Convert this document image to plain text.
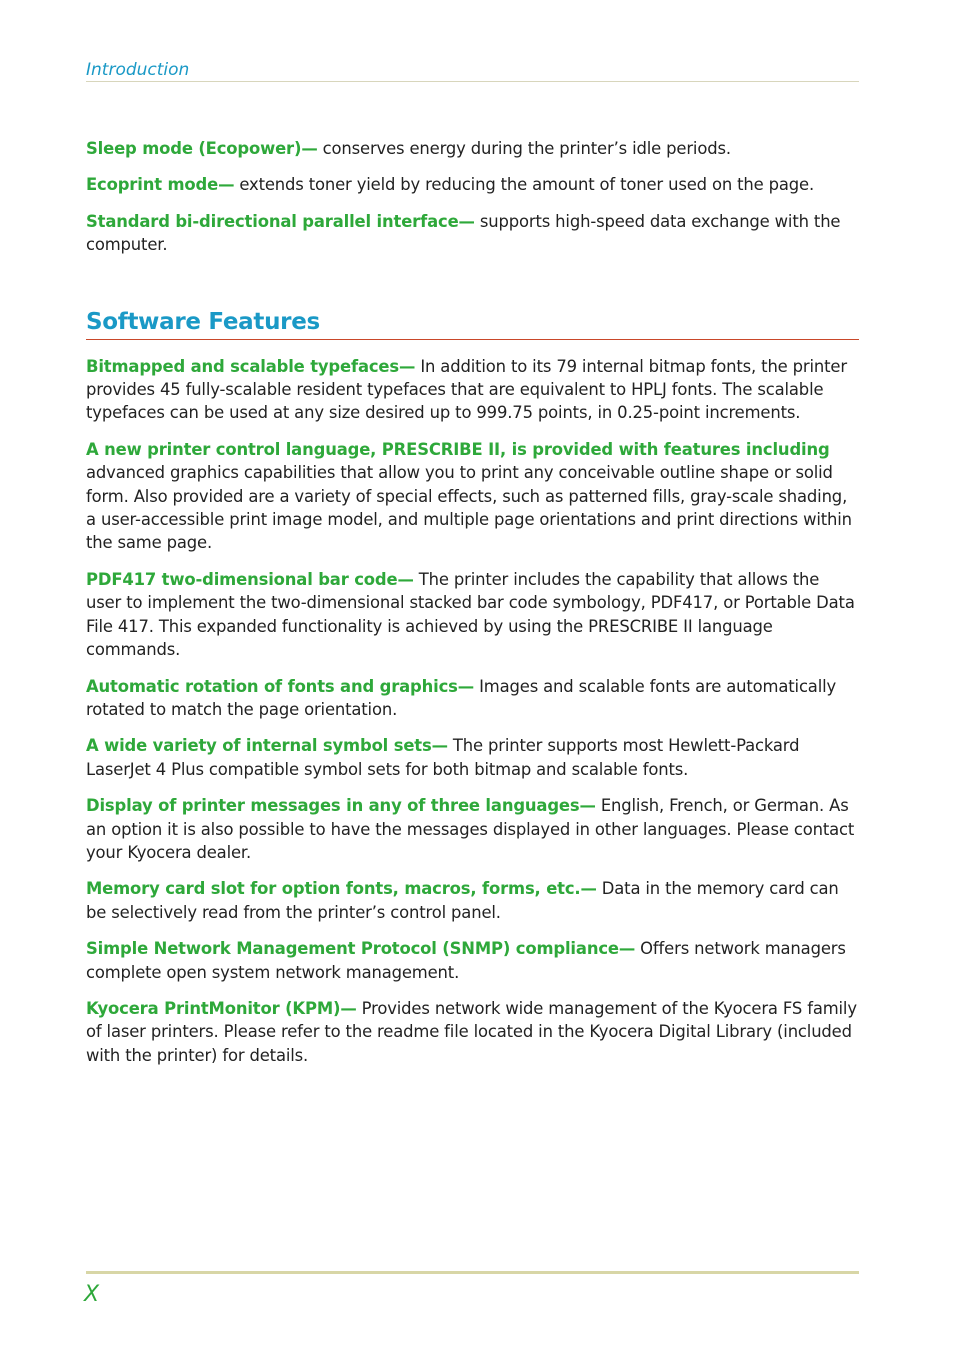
Introduction

Sleep mode (Ecopower)— conserves energy during the printer’s idle periods.

Ecoprint mode— extends toner yield by reducing the amount of toner used on the page.

Standard bi-directional parallel interface— supports high-speed data exchange with the computer.

Software Features

Bitmapped and scalable typefaces— In addition to its 79 internal bitmap fonts, the printer provides 45 fully-scalable resident typefaces that are equivalent to HPLJ fonts. The scalable typefaces can be used at any size desired up to 999.75 points, in 0.25-point increments.

A new printer control language, PRESCRIBE II, is provided with features including advanced graphics capabilities that allow you to print any conceivable outline shape or solid form. Also provided are a variety of special effects, such as patterned fills, gray-scale shading, a user-accessible print image model, and multiple page orientations and print directions within the same page.

PDF417 two-dimensional bar code— The printer includes the capability that allows the user to implement the two-dimensional stacked bar code symbology, PDF417, or Portable Data File 417. This expanded functionality is achieved by using the PRESCRIBE II language commands.

Automatic rotation of fonts and graphics— Images and scalable fonts are automatically rotated to match the page orientation.

A wide variety of internal symbol sets— The printer supports most Hewlett-Packard LaserJet 4 Plus compatible symbol sets for both bitmap and scalable fonts.

Display of printer messages in any of three languages— English, French, or German. As an option it is also possible to have the messages displayed in other languages. Please contact your Kyocera dealer.

Memory card slot for option fonts, macros, forms, etc.— Data in the memory card can be selectively read from the printer’s control panel.

Simple Network Management Protocol (SNMP) compliance— Offers network managers complete open system network management.

Kyocera PrintMonitor (KPM)— Provides network wide management of the Kyocera FS family of laser printers. Please refer to the readme file located in the Kyocera Digital Library (included with the printer) for details.

X
